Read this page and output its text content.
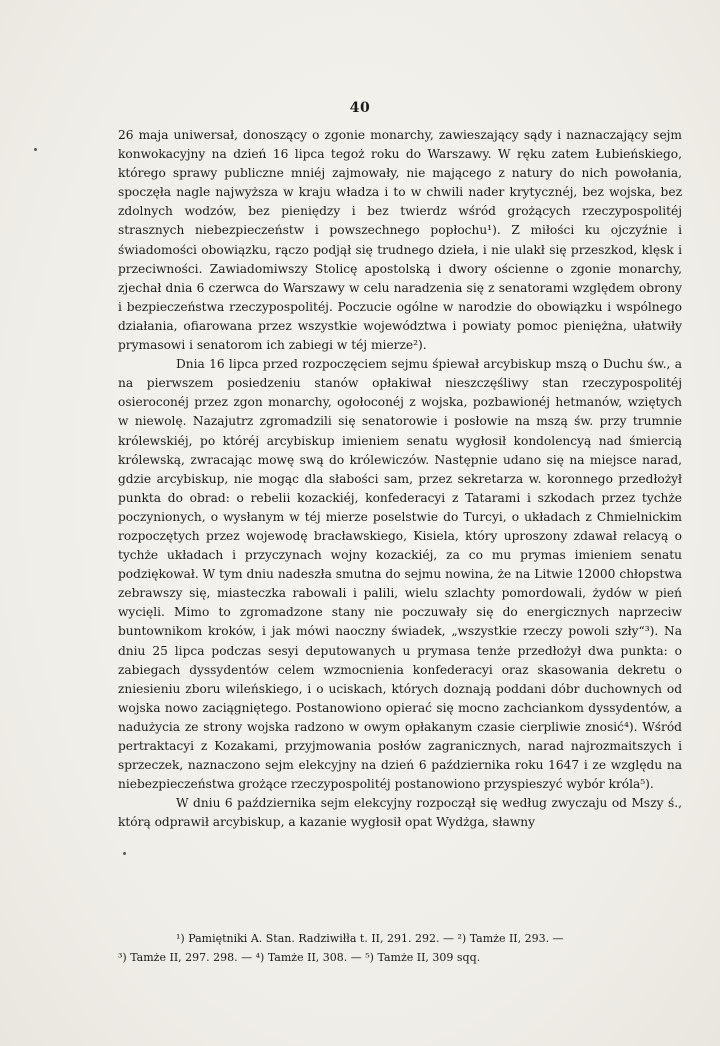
40

26 maja uniwersał, donoszący o zgonie monarchy, zawieszający sądy i naznaczający sejm konwokacyjny na dzień 16 lipca tegoż roku do Warszawy. W ręku zatem Łubieńskiego, którego sprawy publiczne mniéj zajmowały, nie mającego z natury do nich powołania, spoczęła nagle najwyższa w kraju władza i to w chwili nader krytycznéj, bez wojska, bez zdolnych wodzów, bez pieniędzy i bez twierdz wśród grożących rzeczypospolitéj strasznych niebezpieczeństw i powszechnego popłochu¹). Z miłości ku ojczyźnie i świadomości obowiązku, rączo podjął się trudnego dzieła, i nie ulakł się przeszkod, klęsk i przeciwności. Zawiadomiwszy Stolicę apostolską i dwory ościenne o zgonie monarchy, zjechał dnia 6 czerwca do Warszawy w celu naradzenia się z senatorami względem obrony i bezpieczeństwa rzeczypospolitéj. Poczucie ogólne w narodzie do obowiązku i wspólnego działania, ofiarowana przez wszystkie województwa i powiaty pomoc pieniężna, ułatwiły prymasowi i senatorom ich zabiegi w téj mierze²).

Dnia 16 lipca przed rozpoczęciem sejmu śpiewał arcybiskup mszą o Duchu św., a na pierwszem posiedzeniu stanów opłakiwał nieszczęśliwy stan rzeczypospolitéj osieroconéj przez zgon monarchy, ogołoconéj z wojska, pozbawionéj hetmanów, wziętych w niewolę. Nazajutrz zgromadzili się senatorowie i posłowie na mszą św. przy trumnie królewskiéj, po któréj arcybiskup imieniem senatu wygłosił kondolencyą nad śmiercią królewską, zwracając mowę swą do królewiczów. Następnie udano się na miejsce narad, gdzie arcybiskup, nie mogąc dla słabości sam, przez sekretarza w. koronnego przedłożył punkta do obrad: o rebelii kozackiéj, konfederacyi z Tatarami i szkodach przez tychże poczynionych, o wysłanym w téj mierze poselstwie do Turcyi, o układach z Chmielnickim rozpoczętych przez wojewodę bracławskiego, Kisiela, który uproszony zdawał relacyą o tychże układach i przyczynach wojny kozackiéj, za co mu prymas imieniem senatu podziękował. W tym dniu nadeszła smutna do sejmu nowina, że na Litwie 12000 chłopstwa zebrawszy się, miasteczka rabowali i palili, wielu szlachty pomordowali, żydów w pień wycięli. Mimo to zgromadzone stany nie poczuwały się do energicznych naprzeciw buntownikom kroków, i jak mówi naoczny świadek, „wszystkie rzeczy powoli szły“³). Na dniu 25 lipca podczas sesyi deputowanych u prymasa tenże przedłożył dwa punkta: o zabiegach dyssydentów celem wzmocnienia konfederacyi oraz skasowania dekretu o zniesieniu zboru wileńskiego, i o uciskach, których doznają poddani dóbr duchownych od wojska nowo zaciągniętego. Postanowiono opierać się mocno zachciankom dyssydentów, a nadużycia ze strony wojska radzono w owym opłakanym czasie cierpliwie znosić⁴). Wśród pertraktacyi z Kozakami, przyjmowania posłów zagranicznych, narad najrozmaitszych i sprzeczek, naznaczono sejm elekcyjny na dzień 6 października roku 1647 i ze względu na niebezpieczeństwa grożące rzeczypospolitéj postanowiono przyspieszyć wybór króla⁵).

W dniu 6 października sejm elekcyjny rozpoczął się według zwyczaju od Mszy ś., którą odprawił arcybiskup, a kazanie wygłosił opat Wydżga, sławny

¹) Pamiętniki A. Stan. Radziwiłła t. II, 291. 292. — ²) Tamże II, 293. —

³) Tamże II, 297. 298. — ⁴) Tamże II, 308. — ⁵) Tamże II, 309 sqq.
